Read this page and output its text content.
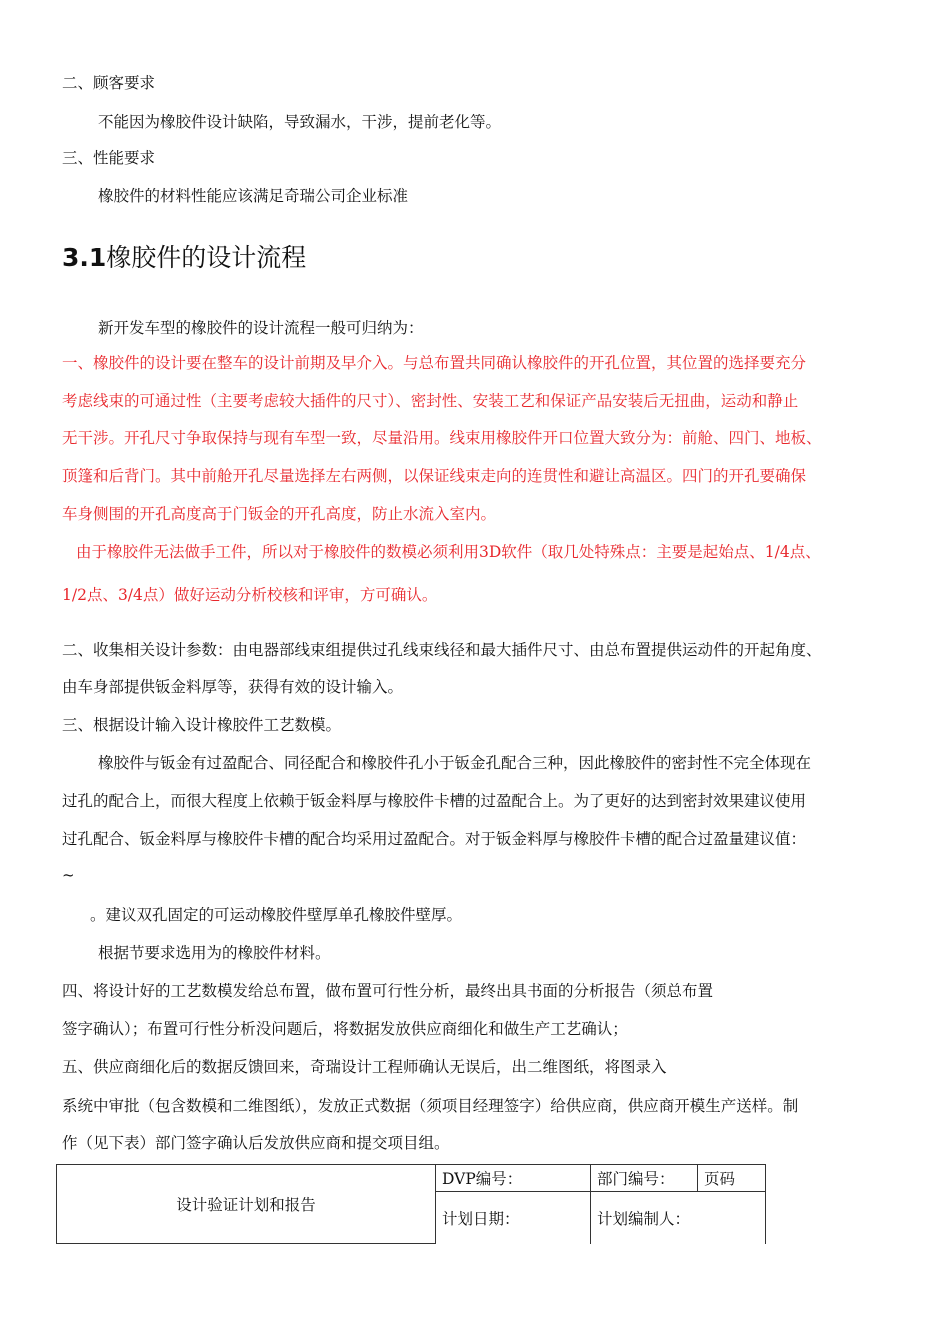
二、顾客要求
不能因为橡胶件设计缺陷，导致漏水，干涉，提前老化等。
三、性能要求
橡胶件的材料性能应该满足奇瑞公司企业标准
3.1橡胶件的设计流程
新开发车型的橡胶件的设计流程一般可归纳为：
一、橡胶件的设计要在整车的设计前期及早介入。与总布置共同确认橡胶件的开孔位置，其位置的选择要充分
考虑线束的可通过性（主要考虑较大插件的尺寸）、密封性、安装工艺和保证产品安装后无扭曲，运动和静止
无干涉。开孔尺寸争取保持与现有车型一致，尽量沿用。线束用橡胶件开口位置大致分为：前舱、四门、地板、
顶篷和后背门。其中前舱开孔尽量选择左右两侧，以保证线束走向的连贯性和避让高温区。四门的开孔要确保
车身侧围的开孔高度高于门钣金的开孔高度，防止水流入室内。
由于橡胶件无法做手工件，所以对于橡胶件的数模必须利用3D软件（取几处特殊点：主要是起始点、1/4点、
1/2点、3/4点）做好运动分析校核和评审，方可确认。
二、收集相关设计参数：由电器部线束组提供过孔线束线径和最大插件尺寸、由总布置提供运动件的开起角度、
由车身部提供钣金料厚等，获得有效的设计输入。
三、根据设计输入设计橡胶件工艺数模。
橡胶件与钣金有过盈配合、同径配合和橡胶件孔小于钣金孔配合三种，因此橡胶件的密封性不完全体现在
过孔的配合上，而很大程度上依赖于钣金料厚与橡胶件卡槽的过盈配合上。为了更好的达到密封效果建议使用
过孔配合、钣金料厚与橡胶件卡槽的配合均采用过盈配合。对于钣金料厚与橡胶件卡槽的配合过盈量建议值：
~
。建议双孔固定的可运动橡胶件壁厚单孔橡胶件壁厚。
根据节要求选用为的橡胶件材料。
四、将设计好的工艺数模发给总布置，做布置可行性分析，最终出具书面的分析报告（须总布置
签字确认）；布置可行性分析没问题后，将数据发放供应商细化和做生产工艺确认；
五、供应商细化后的数据反馈回来，奇瑞设计工程师确认无误后，出二维图纸，将图录入
系统中审批（包含数模和二维图纸），发放正式数据（须项目经理签字）给供应商，供应商开模生产送样。制
作（见下表）部门签字确认后发放供应商和提交项目组。
设计验证计划和报告	DVP编号：	部门编号：	页码
	计划日期：	计划编制人：	
